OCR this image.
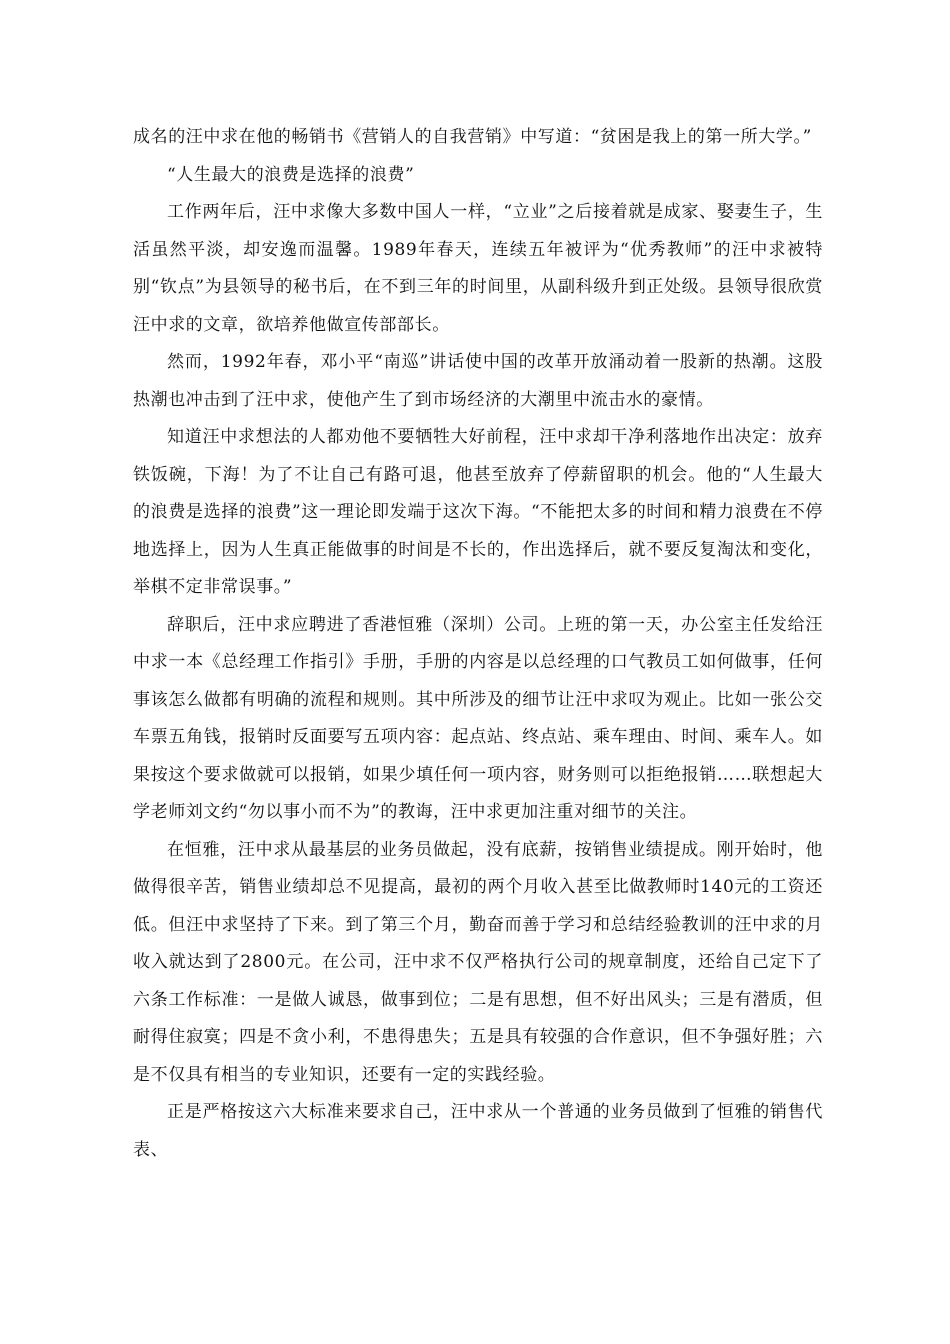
成名的汪中求在他的畅销书《营销人的自我营销》中写道：“贫困是我上的第一所大学。”

“人生最大的浪费是选择的浪费”

工作两年后，汪中求像大多数中国人一样，“立业”之后接着就是成家、娶妻生子，生活虽然平淡，却安逸而温馨。1989年春天，连续五年被评为“优秀教师”的汪中求被特别“钦点”为县领导的秘书后，在不到三年的时间里，从副科级升到正处级。县领导很欣赏汪中求的文章，欲培养他做宣传部部长。

然而，1992年春，邓小平“南巡”讲话使中国的改革开放涌动着一股新的热潮。这股热潮也冲击到了汪中求，使他产生了到市场经济的大潮里中流击水的豪情。

知道汪中求想法的人都劝他不要牺牲大好前程，汪中求却干净利落地作出决定：放弃铁饭碗，下海！为了不让自己有路可退，他甚至放弃了停薪留职的机会。他的“人生最大的浪费是选择的浪费”这一理论即发端于这次下海。“不能把太多的时间和精力浪费在不停地选择上，因为人生真正能做事的时间是不长的，作出选择后，就不要反复淘汰和变化，举棋不定非常误事。”

辞职后，汪中求应聘进了香港恒雅（深圳）公司。上班的第一天，办公室主任发给汪中求一本《总经理工作指引》手册，手册的内容是以总经理的口气教员工如何做事，任何事该怎么做都有明确的流程和规则。其中所涉及的细节让汪中求叹为观止。比如一张公交车票五角钱，报销时反面要写五项内容：起点站、终点站、乘车理由、时间、乘车人。如果按这个要求做就可以报销，如果少填任何一项内容，财务则可以拒绝报销……联想起大学老师刘文约“勿以事小而不为”的教诲，汪中求更加注重对细节的关注。

在恒雅，汪中求从最基层的业务员做起，没有底薪，按销售业绩提成。刚开始时，他做得很辛苦，销售业绩却总不见提高，最初的两个月收入甚至比做教师时140元的工资还低。但汪中求坚持了下来。到了第三个月，勤奋而善于学习和总结经验教训的汪中求的月收入就达到了2800元。在公司，汪中求不仅严格执行公司的规章制度，还给自己定下了六条工作标准：一是做人诚恳，做事到位；二是有思想，但不好出风头；三是有潜质，但耐得住寂寞；四是不贪小利，不患得患失；五是具有较强的合作意识，但不争强好胜；六是不仅具有相当的专业知识，还要有一定的实践经验。

正是严格按这六大标准来要求自己，汪中求从一个普通的业务员做到了恒雅的销售代表、
